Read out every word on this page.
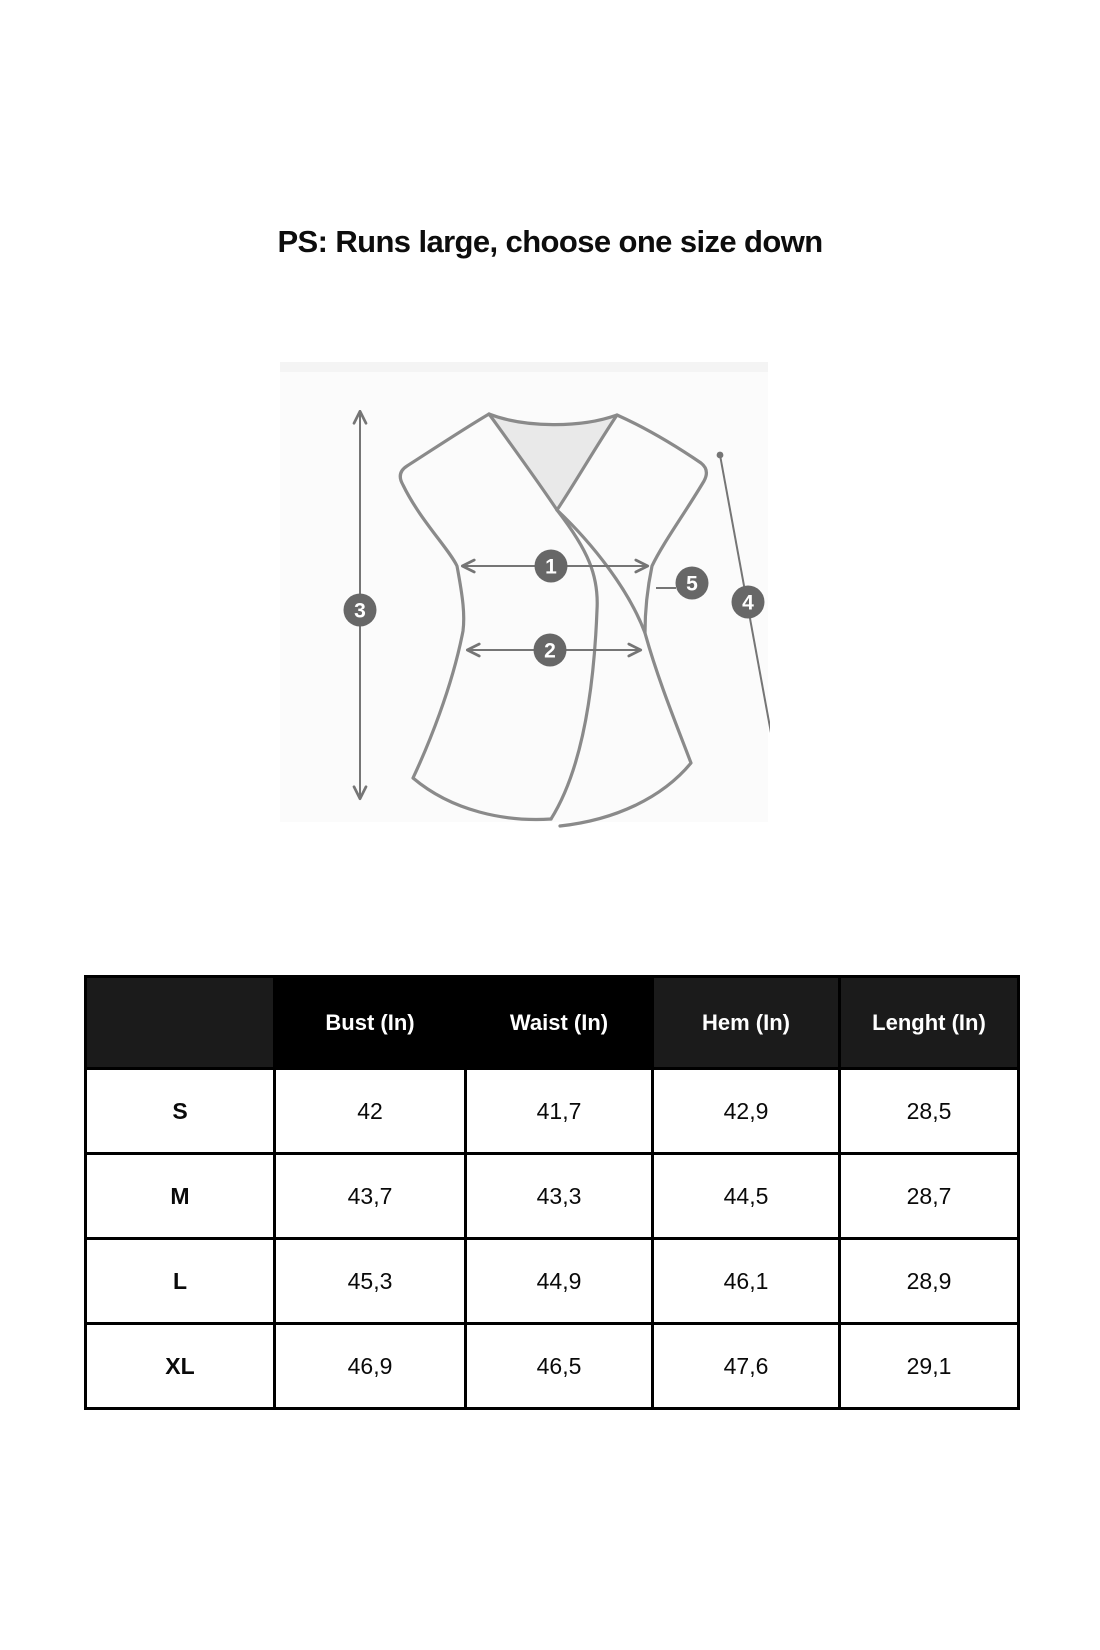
PS: Runs large, choose one size down
1
2
3	4
5
	Bust (In)	Waist (In)	Hem (In)	Lenght (In)
S	42	41,7	42,9	28,5
M	43,7	43,3	44,5	28,7
L	45,3	44,9	46,1	28,9
XL	46,9	46,5	47,6	29,1
